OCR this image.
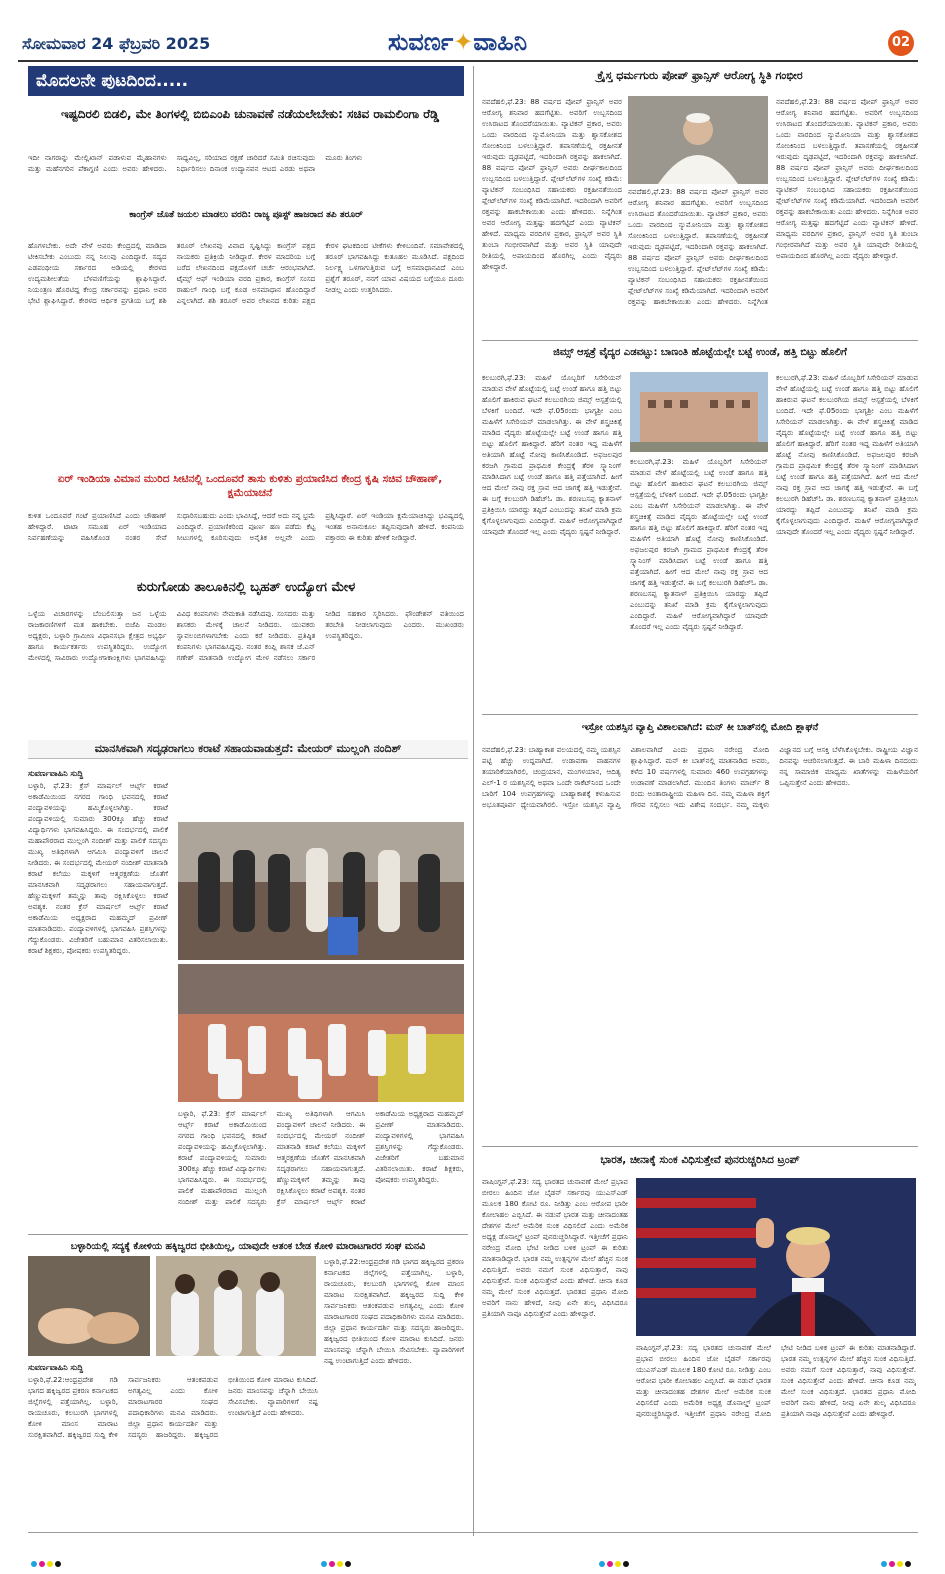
ಸೋಮವಾರ 24 ಫೆಬ್ರವರಿ 2025	ಸುವರ್ಣ✦ವಾಹಿನಿ	02
ಮೊದಲನೇ ಪುಟದಿಂದ.....
ಇಷ್ಟದಿರಲಿ ಬಿಡಲಿ, ಮೇ ತಿಂಗಳಲ್ಲಿ ಬಿಬಿಎಂಪಿ ಚುನಾವಣೆ ನಡೆಯಲೇಬೇಕು: ಸಚಿವ ರಾಮಲಿಂಗಾ ರೆಡ್ಡಿ
ಇದೀ ನಾಗರಾನ್ನು ಮೇಲ್ಲಿಖಾನ್ ಪಡಾಳುವ ಮೈಹಾನಗಳು ಮತ್ತು ಮಹೆನಗರಿನ ಪೆಕಾಗ್ದಣಿ ಎಂದು ಅವರು ಹೇಳಿದರು. ಸಾಧ್ಯವಿಲ್ಲ, ಸರಿಯಾದ ರಕ್ಷಣೆ ಚಾರಿದರೆ ಸಮಿತಿ ರಚಿಸುವುದು ನಿರ್ಧಾರಿಸಲು ದಿನಾಂಕ ಉದ್ಯಾನವನ ಆಟದ ಎರಡು ಅಥವಾ ಮೂರು ತಿಂಗಳು
ಕಾಂಗ್ರೆಸ್ ಜೊತೆ ಜಯಲ ಮಾಡಲು ವರದಿ: ರಾಜ್ಯ ಪೂಸ್ಟ್ ಹಾಜರಾದ ತಪಿ ತರೂರ್
ಹೊಗಳಬೇಕು. ಅದೇ ವೇಳೆ ಅವರು ಕೇಂದ್ರದಲ್ಲಿ ಮಾಡಿದಾ ಟೀಕಿಸಬೇಕು ಎಂಬುದು ನನ್ನ ನಿಲುವು ಎಂದಿದ್ದಾರೆ. ಸದ್ಯದ ಎಡಪಂಥೀಯ ಸರ್ಕಾರದ ಅಡಿಯಲ್ಲಿ ಕೇರಳದ ಉದ್ಯಮಶೀಲತೆಯ ಬೆಳವಣಿಗೆಯನ್ನು ಶ್ಲಾಘಿಸಿದ್ದಾರೆ. ನಿಯಂತ್ರಣ ಹೊರಟಿದ್ದ ಕೇಂದ್ರ ಸರ್ಕಾರವನ್ನು ಪ್ರಧಾನಿ ಅವರ ಭೇಟಿ ಶ್ಲಾಘಿಸಿದ್ದಾರೆ. ಕೇರಳದ ಆರ್ಥಿಕ ಪ್ರಗತಿಯ ಬಗ್ಗೆ ಶಶಿ ತರೂರ್ ಲೇಖನವು ವಿವಾದ ಸೃಷ್ಟಿಸಿದ್ದು ಕಾಂಗ್ರೆಸ್ ಪಕ್ಷದ ನಾಯಕರು ಪ್ರತಿಕ್ರಿಯೆ ನೀಡಿದ್ದಾರೆ. ಕೇರಳ ಮಾದರಿಯ ಬಗ್ಗೆ ಬರೆದ ಲೇಖನದಿಂದ ಪಕ್ಷದೊಳಗೆ ಚರ್ಚೆ ಆರಂಭವಾಗಿದೆ. ಟೈಮ್ಸ್ ಆಫ್ ಇಂಡಿಯಾ ವರದಿ ಪ್ರಕಾರ, ಕಾಂಗ್ರೆಸ್ ಸಂಸದ ರಾಹುಲ್ ಗಾಂಧಿ ಬಗ್ಗೆ ಕೂಡ ಅಸಮಾಧಾನ ಹೊಂದಿದ್ದಾರೆ ಎನ್ನಲಾಗಿದೆ. ಶಶಿ ತರೂರ್ ಅವರ ಲೇಖನದ ಕುರಿತು ಪಕ್ಷದ ಕೇರಳ ಘಟಕದಿಂದ ಟೀಕೆಗಳು ಕೇಳಿಬಂದಿವೆ. ಸಮಾವೇಶದಲ್ಲಿ ತರೂರ್ ಭಾಗವಹಿಸಿದ್ದು ಕುತೂಹಲ ಮೂಡಿಸಿದೆ. ಪಕ್ಷದಿಂದ ನಿರ್ಲಕ್ಷ್ಯ ಒಳಗಾಗುತ್ತಿರುವ ಬಗ್ಗೆ ಅಸಮಾಧಾನವಿದೆ ಎಂಬ ಪ್ರಶ್ನೆಗೆ ತರೂರ್, ನನಗೆ ಯಾವ ವಿಷಯದ ಬಗ್ಗೆಯೂ ದೂರು ನೀಡಲ್ಲ ಎಂದು ಉತ್ತರಿಸಿದರು.
ಏರ್ ಇಂಡಿಯಾ ವಿಮಾನ ಮುರಿದ ಸೀಟಿನಲ್ಲಿ ಒಂದೂವರೆ ತಾಸು ಕುಳಿತು ಪ್ರಯಾಣಿಸಿದ ಕೇಂದ್ರ ಕೃಷಿ ಸಚಿವ ಚೌಹಾಣ್, ಕ್ಷಮೆಯಾಚನೆ
ಕುಳಿತ ಒಂದೂವರೆ ಗಂಟೆ ಪ್ರಯಾಣಿಸಿದೆ ಎಂದು ಚೌಹಾಣ್ ಹೇಳಿದ್ದಾರೆ. ಟಾಟಾ ಸಮೂಹ ಏರ್ ಇಂಡಿಯಾದ ನಿರ್ವಹಣೆಯನ್ನು ವಹಿಸಿಕೊಂಡ ನಂತರ ಸೇವೆ ಸುಧಾರಿಸಬಹುದು ಎಂದು ಭಾವಿಸಿದ್ದೆ, ಆದರೆ ಅದು ನನ್ನ ಭ್ರಮೆ ಎಂದಿದ್ದಾರೆ. ಪ್ರಯಾಣಿಕರಿಂದ ಪೂರ್ಣ ಹಣ ಪಡೆದು ಕೆಟ್ಟ ಸೀಟುಗಳಲ್ಲಿ ಕೂರಿಸುವುದು ಅನೈತಿಕ ಅಲ್ಲವೇ ಎಂದು ಪ್ರಶ್ನಿಸಿದ್ದಾರೆ. ಏರ್ ಇಂಡಿಯಾ ಕ್ಷಮೆಯಾಚಿಸಿದ್ದು ಭವಿಷ್ಯದಲ್ಲಿ ಇಂತಹ ಅನಾನುಕೂಲ ತಪ್ಪಿಸುವುದಾಗಿ ಹೇಳಿದೆ. ಕಂಪನಿಯ ವಕ್ತಾರರು ಈ ಕುರಿತು ಹೇಳಿಕೆ ನೀಡಿದ್ದಾರೆ.
ಕುರುಗೋಡು ತಾಲೂಕಿನಲ್ಲಿ ಬೃಹತ್ ಉದ್ಯೋಗ ಮೇಳ
ಒಳ್ಳೆಯ ವಿಚಾರಗಳನ್ನು ಬೆಂಬಲಿಸುತ್ತಾ ಜನ ಒಳ್ಳೆಯ ರಾಜಕಾರಣಿಗಳಿಗೆ ಮತ ಹಾಕಬೇಕು. ಬಿಜೆಪಿ ಮಂಡಲ ಅಧ್ಯಕ್ಷರು, ಬಳ್ಳಾರಿ ಗ್ರಾಮೀಣ ವಿಧಾನಸಭಾ ಕ್ಷೇತ್ರದ ಅಭ್ಯರ್ಥಿ ಹಾಗೂ ಕಾರ್ಯಕರ್ತರು ಉಪಸ್ಥಿತರಿದ್ದರು. ಉದ್ಯೋಗ ಮೇಳದಲ್ಲಿ ಸಾವಿರಾರು ಉದ್ಯೋಗಾಕಾಂಕ್ಷಿಗಳು ಭಾಗವಹಿಸಿದ್ದು ವಿವಿಧ ಕಂಪನಿಗಳು ನೇಮಕಾತಿ ನಡೆಸಿದವು. ಸಂಸದರು ಮತ್ತು ಶಾಸಕರು ಮೇಳಕ್ಕೆ ಚಾಲನೆ ನೀಡಿದರು. ಯುವಕರು ಸ್ವಾವಲಂಬಿಗಳಾಗಬೇಕು ಎಂದು ಕರೆ ನೀಡಿದರು. ಪ್ರತಿಷ್ಠಿತ ಕಂಪನಿಗಳು ಭಾಗವಹಿಸಿದ್ದವು. ನಂತರ ಕಂಪ್ಲಿ ಶಾಸಕ ಜೆ.ಎನ್ ಗಣೇಶ್ ಮಾತನಾಡಿ ಉದ್ಯೋಗ ಮೇಳ ನಡೆಸಲು ಸರ್ಕಾರ ನೀಡಿದ ಸಹಕಾರ ಸ್ಮರಿಸಿದರು. ಫೌಂಡೇಶನ್ ವತಿಯಿಂದ ತರಬೇತಿ ನೀಡಲಾಗುವುದು ಎಂದರು. ಮುಖಂಡರು ಉಪಸ್ಥಿತರಿದ್ದರು.
ಮಾನಸಿಕವಾಗಿ ಸದೃಢರಾಗಲು ಕರಾಟೆ ಸಹಾಯವಾಡುತ್ತದೆ: ಮೇಯರ್ ಮುಲ್ಲಂಗಿ ನಂದಿಶ್
ಸುವರ್ಣವಾಹಿನಿ ಸುದ್ದಿ
ಬಳ್ಳಾರಿ, ಫೆ.23: ಕ್ರೆಸ್ ಮಾರ್ಷಲ್ ಆರ್ಟ್ಸ್ ಕರಾಟೆ ಅಕಾಡೆಮಿಯಿಂದ ನಗರದ ಗಾಂಧಿ ಭವನದಲ್ಲಿ ಕರಾಟೆ ಪಂದ್ಯಾವಳಿಯನ್ನು ಹಮ್ಮಿಕೊಳ್ಳಲಾಗಿತ್ತು. ಕರಾಟೆ ಪಂದ್ಯಾವಳಿಯಲ್ಲಿ ಸುಮಾರು 300ಕ್ಕೂ ಹೆಚ್ಚು ಕರಾಟೆ ವಿದ್ಯಾರ್ಥಿಗಳು ಭಾಗವಹಿಸಿದ್ದರು. ಈ ಸಂದರ್ಭದಲ್ಲಿ ಪಾಲಿಕೆ ಮಹಾಪೌರರಾದ ಮುಲ್ಲಂಗಿ ನಂದೀಶ್ ಮತ್ತು ಪಾಲಿಕೆ ಸದಸ್ಯರು ಮುಖ್ಯ ಅತಿಥಿಗಳಾಗಿ ಆಗಮಿಸಿ ಪಂದ್ಯಾವಳಿಗೆ ಚಾಲನೆ ನೀಡಿದರು. ಈ ಸಂದರ್ಭದಲ್ಲಿ ಮೇಯರ್ ನಂದೀಶ್ ಮಾತನಾಡಿ ಕರಾಟೆ ಕಲೆಯು ಮಕ್ಕಳಿಗೆ ಆತ್ಮರಕ್ಷಣೆಯ ಜೊತೆಗೆ ಮಾನಸಿಕವಾಗಿ ಸದೃಢರಾಗಲು ಸಹಾಯವಾಗುತ್ತದೆ. ಹೆಣ್ಣುಮಕ್ಕಳಿಗೆ ತಮ್ಮನ್ನು ತಾವು ರಕ್ಷಿಸಿಕೊಳ್ಳಲು ಕರಾಟೆ ಅವಶ್ಯಕ. ನಂತರ ಕ್ರೆಸ್ ಮಾರ್ಷಲ್ ಆರ್ಟ್ಸ್ ಕರಾಟೆ ಅಕಾಡೆಮಿಯ ಅಧ್ಯಕ್ಷರಾದ ಮಹಮ್ಮದ್ ಪ್ರವೀಣ್ ಮಾತನಾಡಿದರು. ಪಂದ್ಯಾವಳಿಗಳಲ್ಲಿ ಭಾಗವಹಿಸಿ ಪ್ರಶಸ್ತಿಗಳನ್ನು ಗೆದ್ದುಕೊಂಡರು. ವಿಜೇತರಿಗೆ ಬಹುಮಾನ ವಿತರಿಸಲಾಯಿತು. ಕರಾಟೆ ಶಿಕ್ಷಕರು, ಪೋಷಕರು ಉಪಸ್ಥಿತರಿದ್ದರು.
ಬಳ್ಳಾರಿ, ಫೆ.23: ಕ್ರೆಸ್ ಮಾರ್ಷಲ್ ಆರ್ಟ್ಸ್ ಕರಾಟೆ ಅಕಾಡೆಮಿಯಿಂದ ನಗರದ ಗಾಂಧಿ ಭವನದಲ್ಲಿ ಕರಾಟೆ ಪಂದ್ಯಾವಳಿಯನ್ನು ಹಮ್ಮಿಕೊಳ್ಳಲಾಗಿತ್ತು. ಕರಾಟೆ ಪಂದ್ಯಾವಳಿಯಲ್ಲಿ ಸುಮಾರು 300ಕ್ಕೂ ಹೆಚ್ಚು ಕರಾಟೆ ವಿದ್ಯಾರ್ಥಿಗಳು ಭಾಗವಹಿಸಿದ್ದರು. ಈ ಸಂದರ್ಭದಲ್ಲಿ ಪಾಲಿಕೆ ಮಹಾಪೌರರಾದ ಮುಲ್ಲಂಗಿ ನಂದೀಶ್ ಮತ್ತು ಪಾಲಿಕೆ ಸದಸ್ಯರು ಮುಖ್ಯ ಅತಿಥಿಗಳಾಗಿ ಆಗಮಿಸಿ ಪಂದ್ಯಾವಳಿಗೆ ಚಾಲನೆ ನೀಡಿದರು. ಈ ಸಂದರ್ಭದಲ್ಲಿ ಮೇಯರ್ ನಂದೀಶ್ ಮಾತನಾಡಿ ಕರಾಟೆ ಕಲೆಯು ಮಕ್ಕಳಿಗೆ ಆತ್ಮರಕ್ಷಣೆಯ ಜೊತೆಗೆ ಮಾನಸಿಕವಾಗಿ ಸದೃಢರಾಗಲು ಸಹಾಯವಾಗುತ್ತದೆ. ಹೆಣ್ಣುಮಕ್ಕಳಿಗೆ ತಮ್ಮನ್ನು ತಾವು ರಕ್ಷಿಸಿಕೊಳ್ಳಲು ಕರಾಟೆ ಅವಶ್ಯಕ. ನಂತರ ಕ್ರೆಸ್ ಮಾರ್ಷಲ್ ಆರ್ಟ್ಸ್ ಕರಾಟೆ ಅಕಾಡೆಮಿಯ ಅಧ್ಯಕ್ಷರಾದ ಮಹಮ್ಮದ್ ಪ್ರವೀಣ್ ಮಾತನಾಡಿದರು. ಪಂದ್ಯಾವಳಿಗಳಲ್ಲಿ ಭಾಗವಹಿಸಿ ಪ್ರಶಸ್ತಿಗಳನ್ನು ಗೆದ್ದುಕೊಂಡರು. ವಿಜೇತರಿಗೆ ಬಹುಮಾನ ವಿತರಿಸಲಾಯಿತು. ಕರಾಟೆ ಶಿಕ್ಷಕರು, ಪೋಷಕರು ಉಪಸ್ಥಿತರಿದ್ದರು.
ಬಳ್ಳಾರಿಯಲ್ಲಿ ಸದ್ಯಕ್ಕೆ ಕೋಳಿಯ ಹಕ್ಕಿಜ್ವರದ ಭೀತಿಯಿಲ್ಲ, ಯಾವುದೇ ಆತಂಕ ಬೇಡ ಕೋಳಿ ಮಾರಾಟಗಾರರ ಸಂಘ ಮನವಿ
ಸುವರ್ಣವಾಹಿನಿ ಸುದ್ದಿ
ಬಳ್ಳಾರಿ,ಫೆ.22:ಆಂಧ್ರಪ್ರದೇಶ ಗಡಿ ಭಾಗದ ಹಕ್ಕಿಜ್ವರದ ಪ್ರಕರಣ ಕರ್ನಾಟಕದ ಜಿಲ್ಲೆಗಳಲ್ಲಿ ಪತ್ತೆಯಾಗಿಲ್ಲ. ಬಳ್ಳಾರಿ, ರಾಯಚೂರು, ಕಲಬುರಗಿ ಭಾಗಗಳಲ್ಲಿ ಕೋಳಿ ಮಾಂಸ ಮಾರಾಟ ಸುರಕ್ಷಿತವಾಗಿದೆ. ಹಕ್ಕಿಜ್ವರದ ಸುದ್ದಿ ಕೇಳಿ ಸಾರ್ವಜನಿಕರು ಆತಂಕಪಡುವ ಅಗತ್ಯವಿಲ್ಲ ಎಂದು ಕೋಳಿ ಮಾರಾಟಗಾರರ ಸಂಘದ ಪದಾಧಿಕಾರಿಗಳು ಮನವಿ ಮಾಡಿದರು. ಜಿಲ್ಲಾ ಪ್ರಧಾನ ಕಾರ್ಯದರ್ಶಿ ಮತ್ತು ಸದಸ್ಯರು ಹಾಜರಿದ್ದರು. ಹಕ್ಕಿಜ್ವರದ ಭೀತಿಯಿಂದ ಕೋಳಿ ಮಾರಾಟ ಕುಸಿದಿದೆ. ಜನರು ಮಾಂಸವನ್ನು ಚೆನ್ನಾಗಿ ಬೇಯಿಸಿ ಸೇವಿಸಬೇಕು. ವ್ಯಾಪಾರಿಗಳಿಗೆ ನಷ್ಟ ಉಂಟಾಗುತ್ತಿದೆ ಎಂದು ಹೇಳಿದರು.
ಬಳ್ಳಾರಿ,ಫೆ.22:ಆಂಧ್ರಪ್ರದೇಶ ಗಡಿ ಭಾಗದ ಹಕ್ಕಿಜ್ವರದ ಪ್ರಕರಣ ಕರ್ನಾಟಕದ ಜಿಲ್ಲೆಗಳಲ್ಲಿ ಪತ್ತೆಯಾಗಿಲ್ಲ. ಬಳ್ಳಾರಿ, ರಾಯಚೂರು, ಕಲಬುರಗಿ ಭಾಗಗಳಲ್ಲಿ ಕೋಳಿ ಮಾಂಸ ಮಾರಾಟ ಸುರಕ್ಷಿತವಾಗಿದೆ. ಹಕ್ಕಿಜ್ವರದ ಸುದ್ದಿ ಕೇಳಿ ಸಾರ್ವಜನಿಕರು ಆತಂಕಪಡುವ ಅಗತ್ಯವಿಲ್ಲ ಎಂದು ಕೋಳಿ ಮಾರಾಟಗಾರರ ಸಂಘದ ಪದಾಧಿಕಾರಿಗಳು ಮನವಿ ಮಾಡಿದರು. ಜಿಲ್ಲಾ ಪ್ರಧಾನ ಕಾರ್ಯದರ್ಶಿ ಮತ್ತು ಸದಸ್ಯರು ಹಾಜರಿದ್ದರು. ಹಕ್ಕಿಜ್ವರದ ಭೀತಿಯಿಂದ ಕೋಳಿ ಮಾರಾಟ ಕುಸಿದಿದೆ. ಜನರು ಮಾಂಸವನ್ನು ಚೆನ್ನಾಗಿ ಬೇಯಿಸಿ ಸೇವಿಸಬೇಕು. ವ್ಯಾಪಾರಿಗಳಿಗೆ ನಷ್ಟ ಉಂಟಾಗುತ್ತಿದೆ ಎಂದು ಹೇಳಿದರು.
ಕ್ರೈಸ್ತ ಧರ್ಮಗುರು ಪೋಪ್ ಫ್ರಾನ್ಸಿಸ್ ಆರೋಗ್ಯ ಸ್ಥಿತಿ ಗಂಭೀರ
ನವದೆಹಲಿ,ಫೆ.23: 88 ವರ್ಷದ ಪೋಪ್ ಫ್ರಾನ್ಸಿಸ್ ಅವರ ಆರೋಗ್ಯ ಶನಿವಾರ ಹದಗೆಟ್ಟಿತು. ಅವರಿಗೆ ಉಬ್ಬಸದಿಂದ ಉಸಿರಾಟದ ತೊಂದರೆಯಾಯಿತು. ವ್ಯಾಟಿಕನ್ ಪ್ರಕಾರ, ಅವರು ಒಂದು ವಾರದಿಂದ ನ್ಯುಮೋನಿಯಾ ಮತ್ತು ಶ್ವಾಸಕೋಶದ ಸೋಂಕಿನಿಂದ ಬಳಲುತ್ತಿದ್ದಾರೆ. ತಪಾಸಣೆಯಲ್ಲಿ ರಕ್ತಹೀನತೆ ಇರುವುದು ದೃಢಪಟ್ಟಿದೆ, ಇದರಿಂದಾಗಿ ರಕ್ತವನ್ನು ಹಾಕಲಾಗಿದೆ. 88 ವರ್ಷದ ಪೋಪ್ ಫ್ರಾನ್ಸಿಸ್ ಅವರು ದೀರ್ಘಕಾಲದಿಂದ ಉಬ್ಬಸದಿಂದ ಬಳಲುತ್ತಿದ್ದಾರೆ. ಪ್ಲೇಟ್‌ಲೆಟ್‌ಗಳ ಸಂಖ್ಯೆ ಕಡಿಮೆ: ವ್ಯಾಟಿಕನ್ ಸಂಬಂಧಿಸಿದ ಸಹಾಯಕರು ರಕ್ತಹೀನತೆಯಿಂದ ಪ್ಲೇಟ್‌ಲೆಟ್‌ಗಳ ಸಂಖ್ಯೆ ಕಡಿಮೆಯಾಗಿದೆ. ಇದರಿಂದಾಗಿ ಅವರಿಗೆ ರಕ್ತವನ್ನು ಹಾಕಬೇಕಾಯಿತು ಎಂದು ಹೇಳಿದರು. ನಿನ್ನೆಗಿಂತ ಅವರ ಆರೋಗ್ಯ ಮತ್ತಷ್ಟು ಹದಗೆಟ್ಟಿದೆ ಎಂದು ವ್ಯಾಟಿಕನ್ ಹೇಳಿದೆ. ಮಾಧ್ಯಮ ವರದಿಗಳ ಪ್ರಕಾರ, ಫ್ರಾನ್ಸಿಸ್ ಅವರ ಸ್ಥಿತಿ ತುಂಬಾ ಗಂಭೀರವಾಗಿದೆ ಮತ್ತು ಅವರ ಸ್ಥಿತಿ ಯಾವುದೇ ರೀತಿಯಲ್ಲಿ ಅಪಾಯದಿಂದ ಹೊರಗಿಲ್ಲ ಎಂದು ವೈದ್ಯರು ಹೇಳಿದ್ದಾರೆ.
ನವದೆಹಲಿ,ಫೆ.23: 88 ವರ್ಷದ ಪೋಪ್ ಫ್ರಾನ್ಸಿಸ್ ಅವರ ಆರೋಗ್ಯ ಶನಿವಾರ ಹದಗೆಟ್ಟಿತು. ಅವರಿಗೆ ಉಬ್ಬಸದಿಂದ ಉಸಿರಾಟದ ತೊಂದರೆಯಾಯಿತು. ವ್ಯಾಟಿಕನ್ ಪ್ರಕಾರ, ಅವರು ಒಂದು ವಾರದಿಂದ ನ್ಯುಮೋನಿಯಾ ಮತ್ತು ಶ್ವಾಸಕೋಶದ ಸೋಂಕಿನಿಂದ ಬಳಲುತ್ತಿದ್ದಾರೆ. ತಪಾಸಣೆಯಲ್ಲಿ ರಕ್ತಹೀನತೆ ಇರುವುದು ದೃಢಪಟ್ಟಿದೆ, ಇದರಿಂದಾಗಿ ರಕ್ತವನ್ನು ಹಾಕಲಾಗಿದೆ. 88 ವರ್ಷದ ಪೋಪ್ ಫ್ರಾನ್ಸಿಸ್ ಅವರು ದೀರ್ಘಕಾಲದಿಂದ ಉಬ್ಬಸದಿಂದ ಬಳಲುತ್ತಿದ್ದಾರೆ. ಪ್ಲೇಟ್‌ಲೆಟ್‌ಗಳ ಸಂಖ್ಯೆ ಕಡಿಮೆ: ವ್ಯಾಟಿಕನ್ ಸಂಬಂಧಿಸಿದ ಸಹಾಯಕರು ರಕ್ತಹೀನತೆಯಿಂದ ಪ್ಲೇಟ್‌ಲೆಟ್‌ಗಳ ಸಂಖ್ಯೆ ಕಡಿಮೆಯಾಗಿದೆ. ಇದರಿಂದಾಗಿ ಅವರಿಗೆ ರಕ್ತವನ್ನು ಹಾಕಬೇಕಾಯಿತು ಎಂದು ಹೇಳಿದರು. ನಿನ್ನೆಗಿಂತ
ನವದೆಹಲಿ,ಫೆ.23: 88 ವರ್ಷದ ಪೋಪ್ ಫ್ರಾನ್ಸಿಸ್ ಅವರ ಆರೋಗ್ಯ ಶನಿವಾರ ಹದಗೆಟ್ಟಿತು. ಅವರಿಗೆ ಉಬ್ಬಸದಿಂದ ಉಸಿರಾಟದ ತೊಂದರೆಯಾಯಿತು. ವ್ಯಾಟಿಕನ್ ಪ್ರಕಾರ, ಅವರು ಒಂದು ವಾರದಿಂದ ನ್ಯುಮೋನಿಯಾ ಮತ್ತು ಶ್ವಾಸಕೋಶದ ಸೋಂಕಿನಿಂದ ಬಳಲುತ್ತಿದ್ದಾರೆ. ತಪಾಸಣೆಯಲ್ಲಿ ರಕ್ತಹೀನತೆ ಇರುವುದು ದೃಢಪಟ್ಟಿದೆ, ಇದರಿಂದಾಗಿ ರಕ್ತವನ್ನು ಹಾಕಲಾಗಿದೆ. 88 ವರ್ಷದ ಪೋಪ್ ಫ್ರಾನ್ಸಿಸ್ ಅವರು ದೀರ್ಘಕಾಲದಿಂದ ಉಬ್ಬಸದಿಂದ ಬಳಲುತ್ತಿದ್ದಾರೆ. ಪ್ಲೇಟ್‌ಲೆಟ್‌ಗಳ ಸಂಖ್ಯೆ ಕಡಿಮೆ: ವ್ಯಾಟಿಕನ್ ಸಂಬಂಧಿಸಿದ ಸಹಾಯಕರು ರಕ್ತಹೀನತೆಯಿಂದ ಪ್ಲೇಟ್‌ಲೆಟ್‌ಗಳ ಸಂಖ್ಯೆ ಕಡಿಮೆಯಾಗಿದೆ. ಇದರಿಂದಾಗಿ ಅವರಿಗೆ ರಕ್ತವನ್ನು ಹಾಕಬೇಕಾಯಿತು ಎಂದು ಹೇಳಿದರು. ನಿನ್ನೆಗಿಂತ ಅವರ ಆರೋಗ್ಯ ಮತ್ತಷ್ಟು ಹದಗೆಟ್ಟಿದೆ ಎಂದು ವ್ಯಾಟಿಕನ್ ಹೇಳಿದೆ. ಮಾಧ್ಯಮ ವರದಿಗಳ ಪ್ರಕಾರ, ಫ್ರಾನ್ಸಿಸ್ ಅವರ ಸ್ಥಿತಿ ತುಂಬಾ ಗಂಭೀರವಾಗಿದೆ ಮತ್ತು ಅವರ ಸ್ಥಿತಿ ಯಾವುದೇ ರೀತಿಯಲ್ಲಿ ಅಪಾಯದಿಂದ ಹೊರಗಿಲ್ಲ ಎಂದು ವೈದ್ಯರು ಹೇಳಿದ್ದಾರೆ.
ಜಿಮ್ಸ್ ಆಸ್ಪತ್ರೆ ವೈದ್ಯರ ಎಡವಟ್ಟು: ಬಾಣಂತಿ ಹೊಟ್ಟೆಯಲ್ಲೇ ಬಟ್ಟೆ ಉಂಡೆ, ಹತ್ತಿ ಬಿಟ್ಟು ಹೊಲಿಗೆ
ಕಲಬುರಗಿ,ಫೆ.23: ಮಹಿಳೆ ಯೊಬ್ಬರಿಗೆ ಸಿಸೇರಿಯನ್ ಮಾಡುವ ವೇಳೆ ಹೊಟ್ಟೆಯಲ್ಲಿ ಬಟ್ಟೆ ಉಂಡೆ ಹಾಗೂ ಹತ್ತಿ ಬಿಟ್ಟು ಹೊಲಿಗೆ ಹಾಕಿರುವ ಘಟನೆ ಕಲಬುರಗಿಯ ಜಿಮ್ಸ್ ಆಸ್ಪತ್ರೆಯಲ್ಲಿ ಬೆಳಕಿಗೆ ಬಂದಿದೆ. ಇದೇ ಫೆ.05ರಂದು ಭಾಗ್ಯಶ್ರೀ ಎಂಬ ಮಹಿಳೆಗೆ ಸಿಸೇರಿಯನ್ ಮಾಡಲಾಗಿತ್ತು. ಈ ವೇಳೆ ಶಸ್ತ್ರಚಿಕಿತ್ಸೆ ಮಾಡಿದ ವೈದ್ಯರು ಹೊಟ್ಟೆಯಲ್ಲೇ ಬಟ್ಟೆ ಉಂಡೆ ಹಾಗೂ ಹತ್ತಿ ಬಿಟ್ಟು ಹೊಲಿಗೆ ಹಾಕಿದ್ದಾರೆ. ಹೆರಿಗೆ ನಂತರ ಇದ್ದ ಮಹಿಳೆಗೆ ಅತಿಯಾಗಿ ಹೊಟ್ಟೆ ನೋವು ಕಾಣಿಸಿಕೊಂಡಿದೆ. ಅಫಜಲಪುರ ಕರಜಗಿ ಗ್ರಾಮದ ಪ್ರಾಥಮಿಕ ಕೇಂದ್ರಕ್ಕೆ ತೆರಳಿ ಸ್ಕ್ಯಾನಿಂಗ್ ಮಾಡಿಸಿದಾಗ ಬಟ್ಟೆ ಉಂಡೆ ಹಾಗೂ ಹತ್ತಿ ಪತ್ತೆಯಾಗಿದೆ. ಹೀಗೆ ಆದ ಮೇಲೆ ನಾವು ರಕ್ತ ಸ್ರಾವ ಆದ ಜಾಗಕ್ಕೆ ಹತ್ತಿ ಇಡುತ್ತೇವೆ. ಈ ಬಗ್ಗೆ ಕಲಬುರಗಿ ಡಿಹೆಚ್‌ಓ ಡಾ. ಶರಣಬಸಪ್ಪ ಕ್ಯಾತನಾಳ್ ಪ್ರತಿಕ್ರಿಯಿಸಿ ಯಾರದ್ದು ತಪ್ಪಿದೆ ಎಂಬುದನ್ನು ತನಿಖೆ ಮಾಡಿ ಕ್ರಮ ಕೈಗೊಳ್ಳಲಾಗುವುದು ಎಂದಿದ್ದಾರೆ. ಮಹಿಳೆ ಆರೋಗ್ಯವಾಗಿದ್ದಾರೆ ಯಾವುದೇ ತೊಂದರೆ ಇಲ್ಲ ಎಂದು ವೈದ್ಯರು ಸ್ಪಷ್ಟನೆ ನೀಡಿದ್ದಾರೆ.
ಕಲಬುರಗಿ,ಫೆ.23: ಮಹಿಳೆ ಯೊಬ್ಬರಿಗೆ ಸಿಸೇರಿಯನ್ ಮಾಡುವ ವೇಳೆ ಹೊಟ್ಟೆಯಲ್ಲಿ ಬಟ್ಟೆ ಉಂಡೆ ಹಾಗೂ ಹತ್ತಿ ಬಿಟ್ಟು ಹೊಲಿಗೆ ಹಾಕಿರುವ ಘಟನೆ ಕಲಬುರಗಿಯ ಜಿಮ್ಸ್ ಆಸ್ಪತ್ರೆಯಲ್ಲಿ ಬೆಳಕಿಗೆ ಬಂದಿದೆ. ಇದೇ ಫೆ.05ರಂದು ಭಾಗ್ಯಶ್ರೀ ಎಂಬ ಮಹಿಳೆಗೆ ಸಿಸೇರಿಯನ್ ಮಾಡಲಾಗಿತ್ತು. ಈ ವೇಳೆ ಶಸ್ತ್ರಚಿಕಿತ್ಸೆ ಮಾಡಿದ ವೈದ್ಯರು ಹೊಟ್ಟೆಯಲ್ಲೇ ಬಟ್ಟೆ ಉಂಡೆ ಹಾಗೂ ಹತ್ತಿ ಬಿಟ್ಟು ಹೊಲಿಗೆ ಹಾಕಿದ್ದಾರೆ. ಹೆರಿಗೆ ನಂತರ ಇದ್ದ ಮಹಿಳೆಗೆ ಅತಿಯಾಗಿ ಹೊಟ್ಟೆ ನೋವು ಕಾಣಿಸಿಕೊಂಡಿದೆ. ಅಫಜಲಪುರ ಕರಜಗಿ ಗ್ರಾಮದ ಪ್ರಾಥಮಿಕ ಕೇಂದ್ರಕ್ಕೆ ತೆರಳಿ ಸ್ಕ್ಯಾನಿಂಗ್ ಮಾಡಿಸಿದಾಗ ಬಟ್ಟೆ ಉಂಡೆ ಹಾಗೂ ಹತ್ತಿ ಪತ್ತೆಯಾಗಿದೆ. ಹೀಗೆ ಆದ ಮೇಲೆ ನಾವು ರಕ್ತ ಸ್ರಾವ ಆದ ಜಾಗಕ್ಕೆ ಹತ್ತಿ ಇಡುತ್ತೇವೆ. ಈ ಬಗ್ಗೆ ಕಲಬುರಗಿ ಡಿಹೆಚ್‌ಓ ಡಾ. ಶರಣಬಸಪ್ಪ ಕ್ಯಾತನಾಳ್ ಪ್ರತಿಕ್ರಿಯಿಸಿ ಯಾರದ್ದು ತಪ್ಪಿದೆ ಎಂಬುದನ್ನು ತನಿಖೆ ಮಾಡಿ ಕ್ರಮ ಕೈಗೊಳ್ಳಲಾಗುವುದು ಎಂದಿದ್ದಾರೆ. ಮಹಿಳೆ ಆರೋಗ್ಯವಾಗಿದ್ದಾರೆ ಯಾವುದೇ ತೊಂದರೆ ಇಲ್ಲ ಎಂದು ವೈದ್ಯರು ಸ್ಪಷ್ಟನೆ ನೀಡಿದ್ದಾರೆ.
ಕಲಬುರಗಿ,ಫೆ.23: ಮಹಿಳೆ ಯೊಬ್ಬರಿಗೆ ಸಿಸೇರಿಯನ್ ಮಾಡುವ ವೇಳೆ ಹೊಟ್ಟೆಯಲ್ಲಿ ಬಟ್ಟೆ ಉಂಡೆ ಹಾಗೂ ಹತ್ತಿ ಬಿಟ್ಟು ಹೊಲಿಗೆ ಹಾಕಿರುವ ಘಟನೆ ಕಲಬುರಗಿಯ ಜಿಮ್ಸ್ ಆಸ್ಪತ್ರೆಯಲ್ಲಿ ಬೆಳಕಿಗೆ ಬಂದಿದೆ. ಇದೇ ಫೆ.05ರಂದು ಭಾಗ್ಯಶ್ರೀ ಎಂಬ ಮಹಿಳೆಗೆ ಸಿಸೇರಿಯನ್ ಮಾಡಲಾಗಿತ್ತು. ಈ ವೇಳೆ ಶಸ್ತ್ರಚಿಕಿತ್ಸೆ ಮಾಡಿದ ವೈದ್ಯರು ಹೊಟ್ಟೆಯಲ್ಲೇ ಬಟ್ಟೆ ಉಂಡೆ ಹಾಗೂ ಹತ್ತಿ ಬಿಟ್ಟು ಹೊಲಿಗೆ ಹಾಕಿದ್ದಾರೆ. ಹೆರಿಗೆ ನಂತರ ಇದ್ದ ಮಹಿಳೆಗೆ ಅತಿಯಾಗಿ ಹೊಟ್ಟೆ ನೋವು ಕಾಣಿಸಿಕೊಂಡಿದೆ. ಅಫಜಲಪುರ ಕರಜಗಿ ಗ್ರಾಮದ ಪ್ರಾಥಮಿಕ ಕೇಂದ್ರಕ್ಕೆ ತೆರಳಿ ಸ್ಕ್ಯಾನಿಂಗ್ ಮಾಡಿಸಿದಾಗ ಬಟ್ಟೆ ಉಂಡೆ ಹಾಗೂ ಹತ್ತಿ ಪತ್ತೆಯಾಗಿದೆ. ಹೀಗೆ ಆದ ಮೇಲೆ ನಾವು ರಕ್ತ ಸ್ರಾವ ಆದ ಜಾಗಕ್ಕೆ ಹತ್ತಿ ಇಡುತ್ತೇವೆ. ಈ ಬಗ್ಗೆ ಕಲಬುರಗಿ ಡಿಹೆಚ್‌ಓ ಡಾ. ಶರಣಬಸಪ್ಪ ಕ್ಯಾತನಾಳ್ ಪ್ರತಿಕ್ರಿಯಿಸಿ ಯಾರದ್ದು ತಪ್ಪಿದೆ ಎಂಬುದನ್ನು ತನಿಖೆ ಮಾಡಿ ಕ್ರಮ ಕೈಗೊಳ್ಳಲಾಗುವುದು ಎಂದಿದ್ದಾರೆ. ಮಹಿಳೆ ಆರೋಗ್ಯವಾಗಿದ್ದಾರೆ ಯಾವುದೇ ತೊಂದರೆ ಇಲ್ಲ ಎಂದು ವೈದ್ಯರು ಸ್ಪಷ್ಟನೆ ನೀಡಿದ್ದಾರೆ.
ಇಸ್ರೋ ಯಶಸ್ಸಿನ ವ್ಯಾಪ್ತಿ ವಿಶಾಲವಾಗಿದೆ: ಮನ್ ಕೀ ಬಾತ್‌ನಲ್ಲಿ ಮೋದಿ ಶ್ಲಾಘನೆ
ನವದೆಹಲಿ,ಫೆ.23: ಬಾಹ್ಯಾಕಾಶ ವಲಯದಲ್ಲಿ ನಮ್ಮ ಯಶಸ್ಸಿನ ಪಟ್ಟಿ ಹೆಚ್ಚು ಉದ್ದವಾಗಿದೆ. ಉಡಾವಣಾ ವಾಹನಗಳ ತಯಾರಿಕೆಯಾಗಿರಲಿ, ಚಂದ್ರಯಾನ, ಮಂಗಳಯಾನ, ಆದಿತ್ಯ ಎಲ್-1 ರ ಯಶಸ್ಸಿನಲ್ಲಿ ಅಥವಾ ಒಂದೇ ರಾಕೆಟ್‌ನಿಂದ ಒಂದೇ ಬಾರಿಗೆ 104 ಉಪಗ್ರಹಗಳನ್ನು ಬಾಹ್ಯಾಕಾಶಕ್ಕೆ ಕಳುಹಿಸುವ ಅಭೂತಪೂರ್ವ ಧ್ಯೇಯವಾಗಿರಲಿ. ಇಸ್ರೋ ಯಶಸ್ಸಿನ ವ್ಯಾಪ್ತಿ ವಿಶಾಲವಾಗಿದೆ ಎಂದು ಪ್ರಧಾನಿ ನರೇಂದ್ರ ಮೋದಿ ಶ್ಲಾಘಿಸಿದ್ದಾರೆ. ಮನ್ ಕೀ ಬಾತ್‌ನಲ್ಲಿ ಮಾತನಾಡಿದ ಅವರು, ಕಳೆದ 10 ವರ್ಷಗಳಲ್ಲಿ ಸುಮಾರು 460 ಉಪಗ್ರಹಗಳನ್ನು ಉಡಾವಣೆ ಮಾಡಲಾಗಿದೆ. ಮುಂದಿನ ತಿಂಗಳು ಮಾರ್ಚ್ 8 ರಂದು ಅಂತಾರಾಷ್ಟ್ರೀಯ ಮಹಿಳಾ ದಿನ. ನಮ್ಮ ಮಹಿಳಾ ಶಕ್ತಿಗೆ ಗೌರವ ಸಲ್ಲಿಸಲು ಇದು ವಿಶೇಷ ಸಂದರ್ಭ. ನಮ್ಮ ಮಕ್ಕಳು ವಿಜ್ಞಾನದ ಬಗ್ಗೆ ಆಸಕ್ತಿ ಬೆಳೆಸಿಕೊಳ್ಳಬೇಕು. ರಾಷ್ಟ್ರೀಯ ವಿಜ್ಞಾನ ದಿನವನ್ನು ಆಚರಿಸಲಾಗುತ್ತದೆ. ಈ ಬಾರಿ ಮಹಿಳಾ ದಿನದಂದು ನನ್ನ ಸಾಮಾಜಿಕ ಮಾಧ್ಯಮ ಖಾತೆಗಳನ್ನು ಮಹಿಳೆಯರಿಗೆ ಒಪ್ಪಿಸುತ್ತೇನೆ ಎಂದು ಹೇಳಿದರು.
ಭಾರತ, ಚೀನಾಕ್ಕೆ ಸುಂಕ ವಿಧಿಸುತ್ತೇವೆ ಪುನರುಚ್ಚರಿಸಿದ ಟ್ರಂಪ್
ವಾಷಿಂಗ್ಟನ್,ಫೆ.23: ಸದ್ಯ ಭಾರತದ ಚುನಾವಣೆ ಮೇಲೆ ಪ್ರಭಾವ ಬೀರಲು ಹಿಂದಿನ ಜೋ ಬೈಡನ್ ಸರ್ಕಾರವು ಯುಎಸ್‌ಎಡ್ ಮೂಲಕ 180 ಕೋಟಿ ರೂ. ನೀಡಿತ್ತು ಎಂಬ ಆರೋಪ ಭಾರೀ ಕೋಲಾಹಲ ಎಬ್ಬಿಸಿದೆ. ಈ ನಡುವೆ ಭಾರತ ಮತ್ತು ಚೀನಾದಂತಹ ದೇಶಗಳ ಮೇಲೆ ಅಮೆರಿಕ ಸುಂಕ ವಿಧಿಸಲಿದೆ ಎಂದು ಅಮೆರಿಕ ಅಧ್ಯಕ್ಷ ಡೊನಾಲ್ಡ್ ಟ್ರಂಪ್ ಪುನರುಚ್ಚರಿಸಿದ್ದಾರೆ. ಇತ್ತೀಚೆಗೆ ಪ್ರಧಾನಿ ನರೇಂದ್ರ ಮೋದಿ ಭೇಟಿ ನೀಡಿದ ಬಳಿಕ ಟ್ರಂಪ್ ಈ ಕುರಿತು ಮಾತನಾಡಿದ್ದಾರೆ. ಭಾರತ ನಮ್ಮ ಉತ್ಪನ್ನಗಳ ಮೇಲೆ ಹೆಚ್ಚಿನ ಸುಂಕ ವಿಧಿಸುತ್ತಿದೆ. ಅವರು ನಮಗೆ ಸುಂಕ ವಿಧಿಸುತ್ತಾರೆ, ನಾವು ವಿಧಿಸುತ್ತೇವೆ. ಸುಂಕ ವಿಧಿಸುತ್ತೇವೆ ಎಂದು ಹೇಳಿದೆ. ಚೀನಾ ಕೂಡ ನಮ್ಮ ಮೇಲೆ ಸುಂಕ ವಿಧಿಸುತ್ತದೆ. ಭಾರತದ ಪ್ರಧಾನಿ ಮೋದಿ ಅವರಿಗೆ ನಾನು ಹೇಳಿದೆ, ನೀವು ಏನೇ ಶುಲ್ಕ ವಿಧಿಸಿದರೂ ಪ್ರತಿಯಾಗಿ ನಾವೂ ವಿಧಿಸುತ್ತೇವೆ ಎಂದು ಹೇಳಿದ್ದಾರೆ.
ವಾಷಿಂಗ್ಟನ್,ಫೆ.23: ಸದ್ಯ ಭಾರತದ ಚುನಾವಣೆ ಮೇಲೆ ಪ್ರಭಾವ ಬೀರಲು ಹಿಂದಿನ ಜೋ ಬೈಡನ್ ಸರ್ಕಾರವು ಯುಎಸ್‌ಎಡ್ ಮೂಲಕ 180 ಕೋಟಿ ರೂ. ನೀಡಿತ್ತು ಎಂಬ ಆರೋಪ ಭಾರೀ ಕೋಲಾಹಲ ಎಬ್ಬಿಸಿದೆ. ಈ ನಡುವೆ ಭಾರತ ಮತ್ತು ಚೀನಾದಂತಹ ದೇಶಗಳ ಮೇಲೆ ಅಮೆರಿಕ ಸುಂಕ ವಿಧಿಸಲಿದೆ ಎಂದು ಅಮೆರಿಕ ಅಧ್ಯಕ್ಷ ಡೊನಾಲ್ಡ್ ಟ್ರಂಪ್ ಪುನರುಚ್ಚರಿಸಿದ್ದಾರೆ. ಇತ್ತೀಚೆಗೆ ಪ್ರಧಾನಿ ನರೇಂದ್ರ ಮೋದಿ ಭೇಟಿ ನೀಡಿದ ಬಳಿಕ ಟ್ರಂಪ್ ಈ ಕುರಿತು ಮಾತನಾಡಿದ್ದಾರೆ. ಭಾರತ ನಮ್ಮ ಉತ್ಪನ್ನಗಳ ಮೇಲೆ ಹೆಚ್ಚಿನ ಸುಂಕ ವಿಧಿಸುತ್ತಿದೆ. ಅವರು ನಮಗೆ ಸುಂಕ ವಿಧಿಸುತ್ತಾರೆ, ನಾವು ವಿಧಿಸುತ್ತೇವೆ. ಸುಂಕ ವಿಧಿಸುತ್ತೇವೆ ಎಂದು ಹೇಳಿದೆ. ಚೀನಾ ಕೂಡ ನಮ್ಮ ಮೇಲೆ ಸುಂಕ ವಿಧಿಸುತ್ತದೆ. ಭಾರತದ ಪ್ರಧಾನಿ ಮೋದಿ ಅವರಿಗೆ ನಾನು ಹೇಳಿದೆ, ನೀವು ಏನೇ ಶುಲ್ಕ ವಿಧಿಸಿದರೂ ಪ್ರತಿಯಾಗಿ ನಾವೂ ವಿಧಿಸುತ್ತೇವೆ ಎಂದು ಹೇಳಿದ್ದಾರೆ.
